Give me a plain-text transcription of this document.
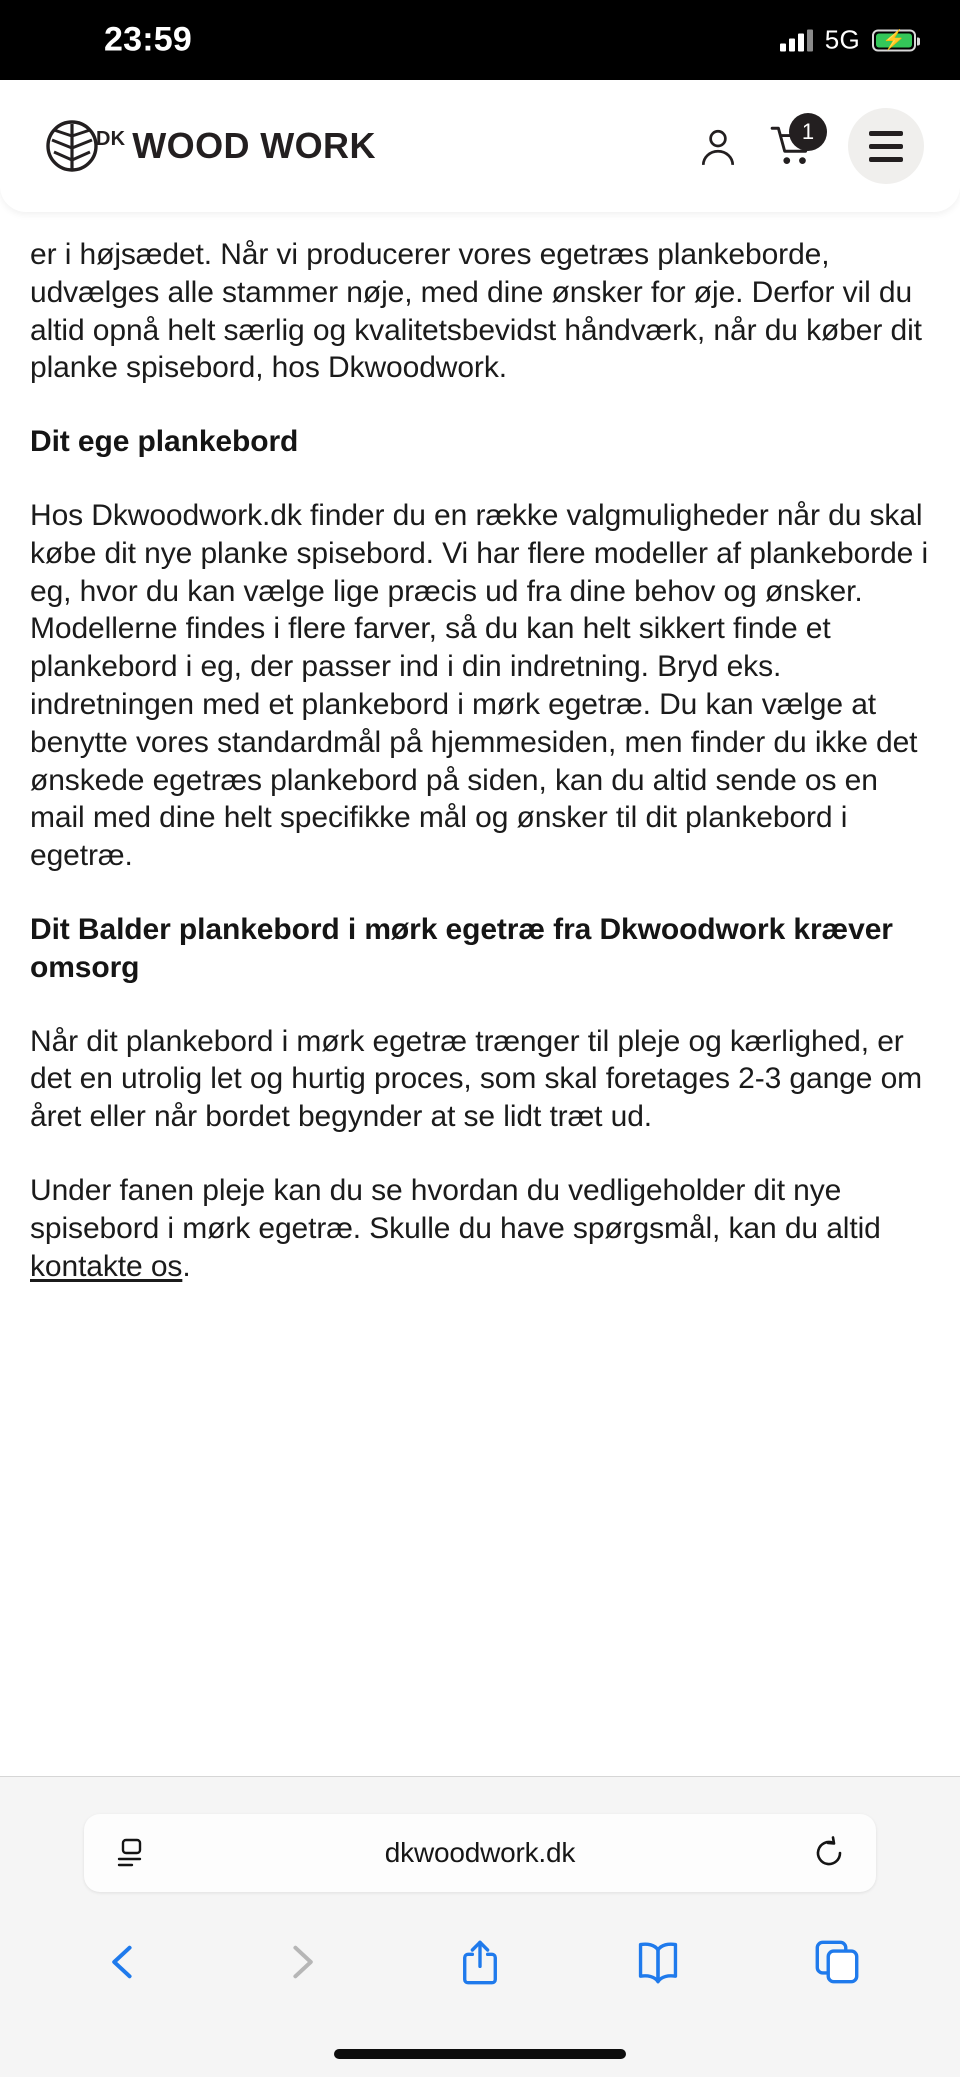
23:59	5G ⚡
DK WOOD WORK	1

er i højsædet. Når vi producerer vores egetræs plankeborde, udvælges alle stammer nøje, med dine ønsker for øje. Derfor vil du altid opnå helt særlig og kvalitetsbevidst håndværk, når du køber dit planke spisebord, hos Dkwoodwork.

Dit ege plankebord

Hos Dkwoodwork.dk finder du en række valgmuligheder når du skal købe dit nye planke spisebord. Vi har flere modeller af plankeborde i eg, hvor du kan vælge lige præcis ud fra dine behov og ønsker. Modellerne findes i flere farver, så du kan helt sikkert finde et plankebord i eg, der passer ind i din indretning. Bryd eks. indretningen med et plankebord i mørk egetræ. Du kan vælge at benytte vores standardmål på hjemmesiden, men finder du ikke det ønskede egetræs plankebord på siden, kan du altid sende os en mail med dine helt specifikke mål og ønsker til dit plankebord i egetræ.

Dit Balder plankebord i mørk egetræ fra Dkwoodwork kræver omsorg

Når dit plankebord i mørk egetræ trænger til pleje og kærlighed, er det en utrolig let og hurtig proces, som skal foretages 2-3 gange om året eller når bordet begynder at se lidt træt ud.

Under fanen pleje kan du se hvordan du vedligeholder dit nye spisebord i mørk egetræ. Skulle du have spørgsmål, kan du altid kontakte os.

dkwoodwork.dk
